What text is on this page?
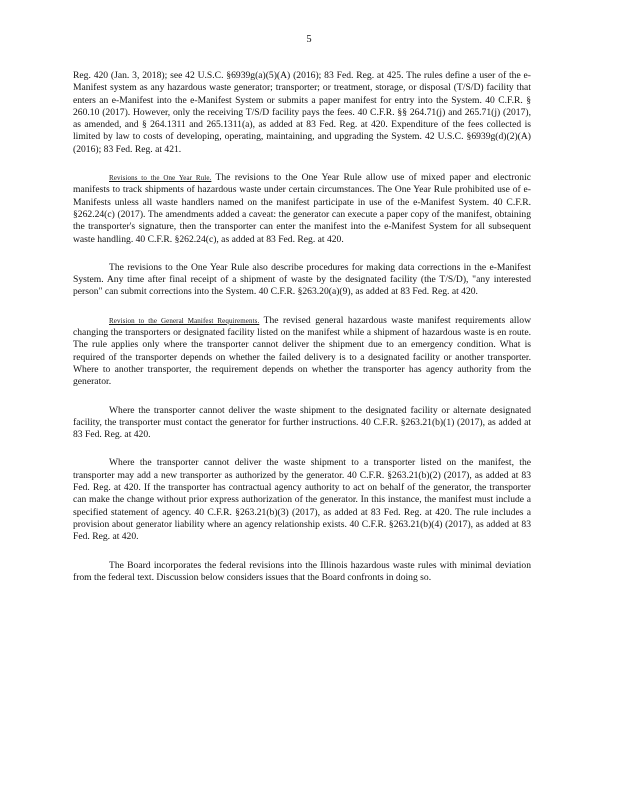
5

Reg. 420 (Jan. 3, 2018); see 42 U.S.C. §6939g(a)(5)(A) (2016); 83 Fed. Reg. at 425. The rules define a user of the e-Manifest system as any hazardous waste generator; transporter; or treatment, storage, or disposal (T/S/D) facility that enters an e-Manifest into the e-Manifest System or submits a paper manifest for entry into the System. 40 C.F.R. § 260.10 (2017). However, only the receiving T/S/D facility pays the fees. 40 C.F.R. §§ 264.71(j) and 265.71(j) (2017), as amended, and § 264.1311 and 265.1311(a), as added at 83 Fed. Reg. at 420. Expenditure of the fees collected is limited by law to costs of developing, operating, maintaining, and upgrading the System. 42 U.S.C. §6939g(d)(2)(A) (2016); 83 Fed. Reg. at 421.

Revisions to the One Year Rule. The revisions to the One Year Rule allow use of mixed paper and electronic manifests to track shipments of hazardous waste under certain circumstances. The One Year Rule prohibited use of e-Manifests unless all waste handlers named on the manifest participate in use of the e-Manifest System. 40 C.F.R. §262.24(c) (2017). The amendments added a caveat: the generator can execute a paper copy of the manifest, obtaining the transporter's signature, then the transporter can enter the manifest into the e-Manifest System for all subsequent waste handling. 40 C.F.R. §262.24(c), as added at 83 Fed. Reg. at 420.

The revisions to the One Year Rule also describe procedures for making data corrections in the e-Manifest System. Any time after final receipt of a shipment of waste by the designated facility (the T/S/D), "any interested person" can submit corrections into the System. 40 C.F.R. §263.20(a)(9), as added at 83 Fed. Reg. at 420.

Revision to the General Manifest Requirements. The revised general hazardous waste manifest requirements allow changing the transporters or designated facility listed on the manifest while a shipment of hazardous waste is en route. The rule applies only where the transporter cannot deliver the shipment due to an emergency condition. What is required of the transporter depends on whether the failed delivery is to a designated facility or another transporter. Where to another transporter, the requirement depends on whether the transporter has agency authority from the generator.

Where the transporter cannot deliver the waste shipment to the designated facility or alternate designated facility, the transporter must contact the generator for further instructions. 40 C.F.R. §263.21(b)(1) (2017), as added at 83 Fed. Reg. at 420.

Where the transporter cannot deliver the waste shipment to a transporter listed on the manifest, the transporter may add a new transporter as authorized by the generator. 40 C.F.R. §263.21(b)(2) (2017), as added at 83 Fed. Reg. at 420. If the transporter has contractual agency authority to act on behalf of the generator, the transporter can make the change without prior express authorization of the generator. In this instance, the manifest must include a specified statement of agency. 40 C.F.R. §263.21(b)(3) (2017), as added at 83 Fed. Reg. at 420. The rule includes a provision about generator liability where an agency relationship exists. 40 C.F.R. §263.21(b)(4) (2017), as added at 83 Fed. Reg. at 420.

The Board incorporates the federal revisions into the Illinois hazardous waste rules with minimal deviation from the federal text. Discussion below considers issues that the Board confronts in doing so.
